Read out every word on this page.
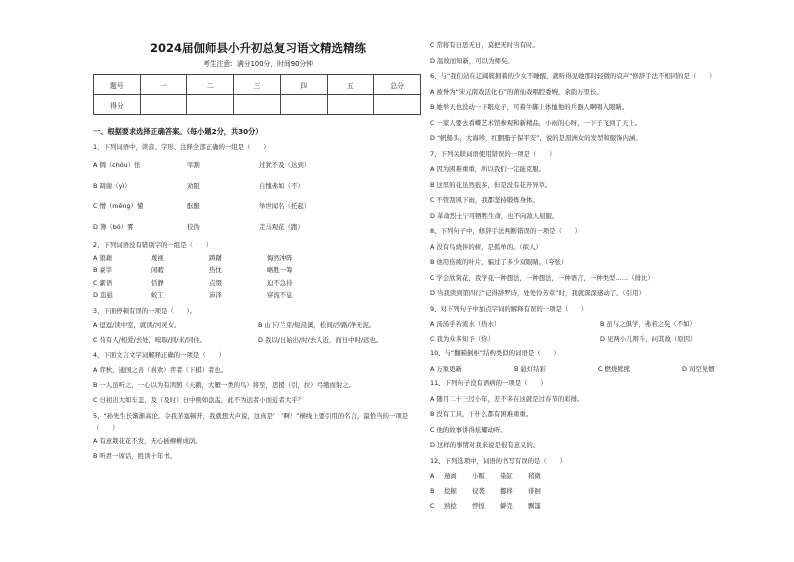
2024届伽师县小升初总复习语文精选精练
考生注意：满分100分，时间90分钟
题号	一	二	三	四	五	总分
得分						
一、根据要求选择正确答案。（每小题2分，共30分）
1、下列词语中，读音、字形、注释全部正确的一组是（　　）
A 惆（chóu）怅	宰割	过犹不及（达到）
B 凋谢（yì）	劝阻	自愧弗如（不）
C 懵（měng）懂	酝酿	举世闻名（托起）
D 簿（bó）雾	狡伪	走马观花（跑）
2、下列词语没有错别字的一组是（　　）
A 狼藉	蔑视	踌躇	悔然冲阵
B 豪宰	闲暇	热忱	略胜一筹
C 絮语	恬静	点缀	迫不急待
D 恣悬	蛟工	沛泽	穿流不息
3、下面停顿有误的一项是（　　）。
A 逗逗/读中室，就读/河灵女。	B 山下/兰芽/短浸溪，松间/沙路/净无泥。
C 苟有人/相爱/去处，嗅取/到/来/同住。	D 我以/日始出/时/去人近，而日中时/远也。
4、下面文言文字词解释正确的一项是（　　）
A 弈秋，通国之善（喜欢）弈者（下棋）者也。
B 一人虽听之，一心以为有鸿鹄（天鹅，大雁一类的鸟）将至，思援（引，拉）弓缴而射之。
C 日初出大如车盖，及（及时）日中则如盘盂，此不为远者小而近者大乎？
5、“孙先生长渐渐高论，令我茅塞顿开，我就想大声说，这真是‘　’啊！”横线上要引用的名言，最恰当的一项是（　　）
A 有意栽花花不发，无心插柳柳成荫。
B 听君一席话，胜读十年书。
C 常将有日思无日，莫把无时当有时。
D 温故而知新，可以为师矣。
6、与“我们站在辽阔簇拥着的少女不睡醒，就听得见她那时轻微的哀声”修辞手法不相同的是（　　）
A 被誉为“宋元南戏活化石”的莆仙戏唱腔委婉，余韵万里长。
B 她举天也没动一下眼皮子，可着牛脚上体恤他的兵器人啊唱入眼睛。
C 一家人要去看蝶艺术馆参观和新精品，小雨的心呀，一下子飞到了天上。
D “帆船头，大海珍，红胭脂子保平安”，说的是湄洲女的发型和服饰内涵。
7、下列关联词语使用错误的一项是（　　）
A 因为困难重重，所以我们一定能克服。
B 这里的花虽然很多，但是没有花开异草。
C 不管刮风下雨，我都坚持锻炼身体。
D 革命烈士宁可牺牲生命，也不向敌人屈服。
8、下列句子中，修辞手法判断错误的一项是（　　）
A 没有鸟烧伴的树，是孤单的。（拟人）
B 他用伤疲的叶片，骗过了多少双眼睛。（夸张）
C 学会欣赏花，我学花一种想法，一种想法，一种语言，一种类型……（排比）
D 当我读到第四行“记得辞罗诗，处处怜芳草”时，我就深深感动了。（引用）
9、对下列句子中加点字词的解释有误的一项是（　　）
A 汤汤乎若流水（热水）	B 虽与之俱学，弗若之矣（不如）
C 我为众多知予（你）	D 见两小儿辩斗，问其故（原因）
10、与“翻箱倒柜”结构类似的词语是（　　）
A 万象更新	B 悬灯结彩	C 燃烧熊熊	D 司空见惯
11、下列句子没有语病的一项是（　　）
A 随月二十三过小年，差不多在这就是过春节的彩排。
B 没有工具，干什么都有困难重重。
C 他的故事讲得炫耀动听。
D 这样的事情对我来说是很有意义的。
12、下列选项中，词语的书写有误的是（　　）
A	遁离	小贩	染缸	稍微
B	挖掘	侵袭	挪移	徘徊
C	熟稔	悖惶	僻壳	飘篷
